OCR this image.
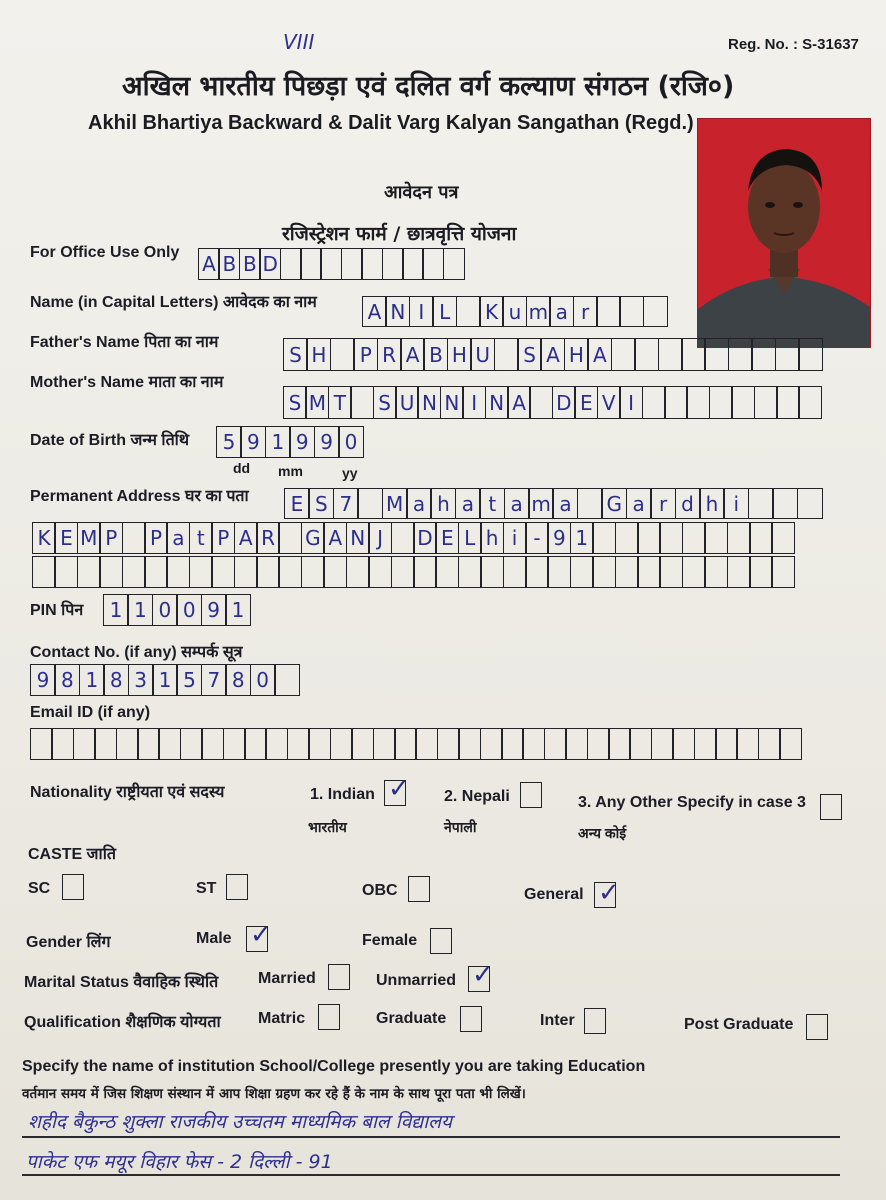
Reg. No. : S-31637
VIII
अखिल भारतीय पिछड़ा एवं दलित वर्ग कल्याण संगठन (रजि०)
Akhil Bhartiya Backward & Dalit Varg Kalyan Sangathan (Regd.)
आवेदन पत्र
रजिस्ट्रेशन फार्म / छात्रवृत्ति योजना
For Office Use Only A B B D
Name (in Capital Letters) आवेदक का नाम	A N I L	K u m a r
Father's Name पिता का नाम	S H	P R A B H U	S A H A
Mother's Name माता का नाम
S M T S U N N I N A D E V I
Date of Birth जन्म तिथि	5 9 1 9 9 0
dd mm	yy
Permanent Address घर का पता	E S 7	M a h a t a m a	G a r d h i
K E M P P a t P A R G A N J	D E L h i - 9 1
PIN पिन	1 1 0 0 9 1
Contact No. (if any) सम्पर्क सूत्र
9 8 1 8 3 1 5 7 8 0
Email ID (if any)
Nationality राष्ट्रीयता एवं सदस्य	1. Indian ✓
भारतीय
2. Nepali
नेपाली
3. Any Other Specify in case 3
अन्य कोई
CASTE जाति
SC	ST	OBC	General ✓
Gender लिंग	Male ✓	Female
Marital Status वैवाहिक स्थिति Married	Unmarried ✓
Qualification शैक्षणिक योग्यता Matric	Graduate	Inter	Post Graduate
Specify the name of institution School/College presently you are taking Education
वर्तमान समय में जिस शिक्षण संस्थान में आप शिक्षा ग्रहण कर रहे हैं के नाम के साथ पूरा पता भी लिखें।
शहीद बैकुन्ठ शुक्ला राजकीय उच्चतम माध्यमिक बाल विद्यालय
पाकेट एफ मयूर विहार फेस - 2 दिल्ली - 91
